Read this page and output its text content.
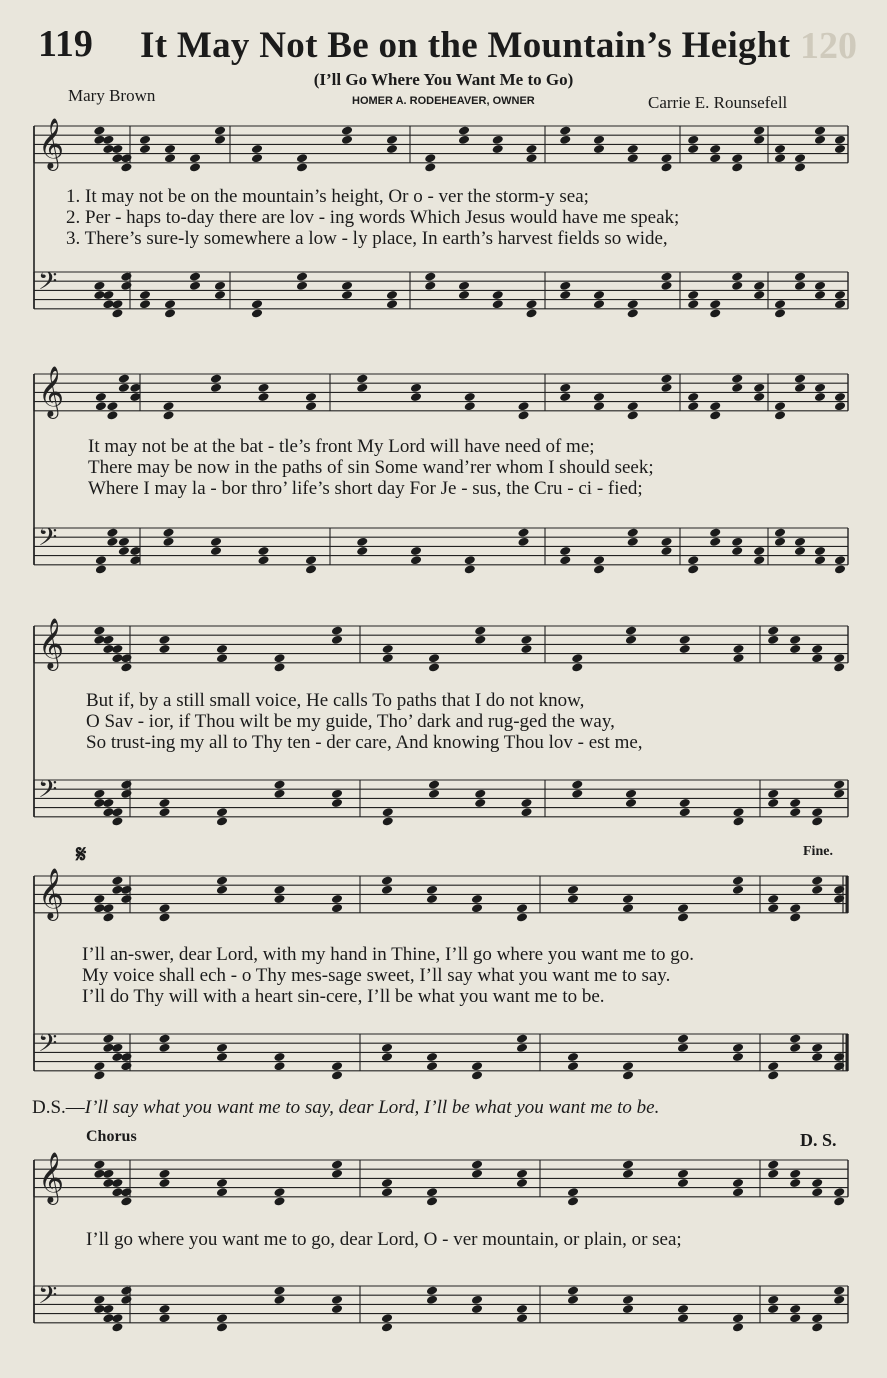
119 It May Not Be on the Mountain’s Height 120
(I’ll Go Where You Want Me to Go)
Mary Brown	HOMER A. RODEHEAVER, OWNER	Carrie E. Rounsefell
𝄞
𝄢
𝄞
𝄢
𝄞
𝄢
𝄞
𝄢
𝄞
𝄢
1. It may not be on the mountain’s height, Or o - ver the storm-y sea;
2. Per - haps to-day there are lov - ing words Which Jesus would have me speak;
3. There’s sure-ly somewhere a low - ly place, In earth’s harvest fields so wide,
It may not be at the bat - tle’s front My Lord will have need of me;
There may be now in the paths of sin Some wand’rer whom I should seek;
Where I may la - bor thro’ life’s short day For Je - sus, the Cru - ci - fied;
But if, by a still small voice, He calls To paths that I do not know,
O Sav - ior, if Thou wilt be my guide, Tho’ dark and rug-ged the way,
So trust-ing my all to Thy ten - der care, And knowing Thou lov - est me,
I’ll an-swer, dear Lord, with my hand in Thine, I’ll go where you want me to go.
My voice shall ech - o Thy mes-sage sweet, I’ll say what you want me to say.
I’ll do Thy will with a heart sin-cere, I’ll be what you want me to be.
𝄋	Fine.
D.S.—I’ll say what you want me to say, dear Lord, I’ll be what you want me to be.
Chorus	D. S.
I’ll go where you want me to go, dear Lord, O - ver mountain, or plain, or sea;
